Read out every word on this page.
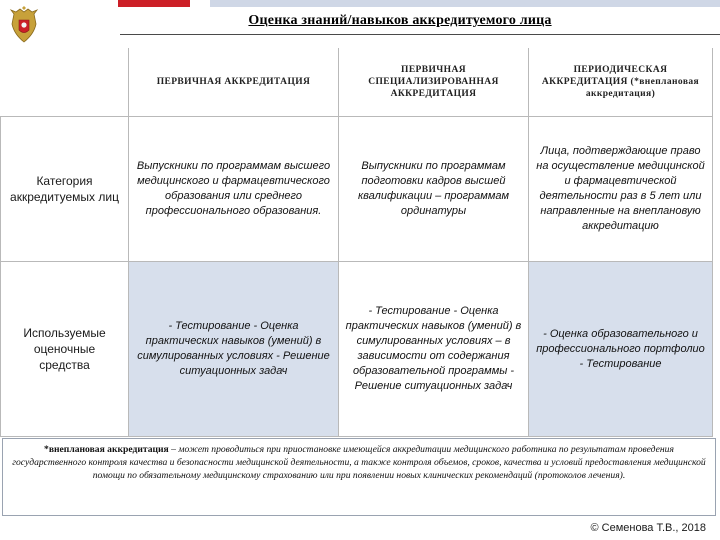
Оценка знаний/навыков аккредитуемого лица
	ПЕРВИЧНАЯ АККРЕДИТАЦИЯ	ПЕРВИЧНАЯ СПЕЦИАЛИЗИРОВАННАЯ АККРЕДИТАЦИЯ	ПЕРИОДИЧЕСКАЯ АККРЕДИТАЦИЯ (*внеплановая аккредитация)
Категория аккредитуемых лиц	Выпускники по программам высшего медицинского и фармацевтического образования или среднего профессионального образования.	Выпускники по программам подготовки кадров высшей квалификации – программам ординатуры	Лица, подтверждающие право на осуществление медицинской и фармацевтической деятельности раз в 5 лет или направленные на внеплановую аккредитацию
Используемые оценочные средства	- Тестирование - Оценка практических навыков (умений) в симулированных условиях - Решение ситуационных задач	- Тестирование - Оценка практических навыков (умений) в симулированных условиях – в зависимости от содержания образовательной программы - Решение ситуационных задач	- Оценка образовательного и профессионального портфолио - Тестирование
*внеплановая аккредитация – может проводиться при приостановке имеющейся аккредитации медицинского работника по результатам проведения государственного контроля качества и безопасности медицинской деятельности, а также контроля объемов, сроков, качества и условий предоставления медицинской помощи по обязательному медицинскому страхованию или при появлении новых клинических рекомендаций (протоколов лечения).
© Семенова Т.В., 2018
